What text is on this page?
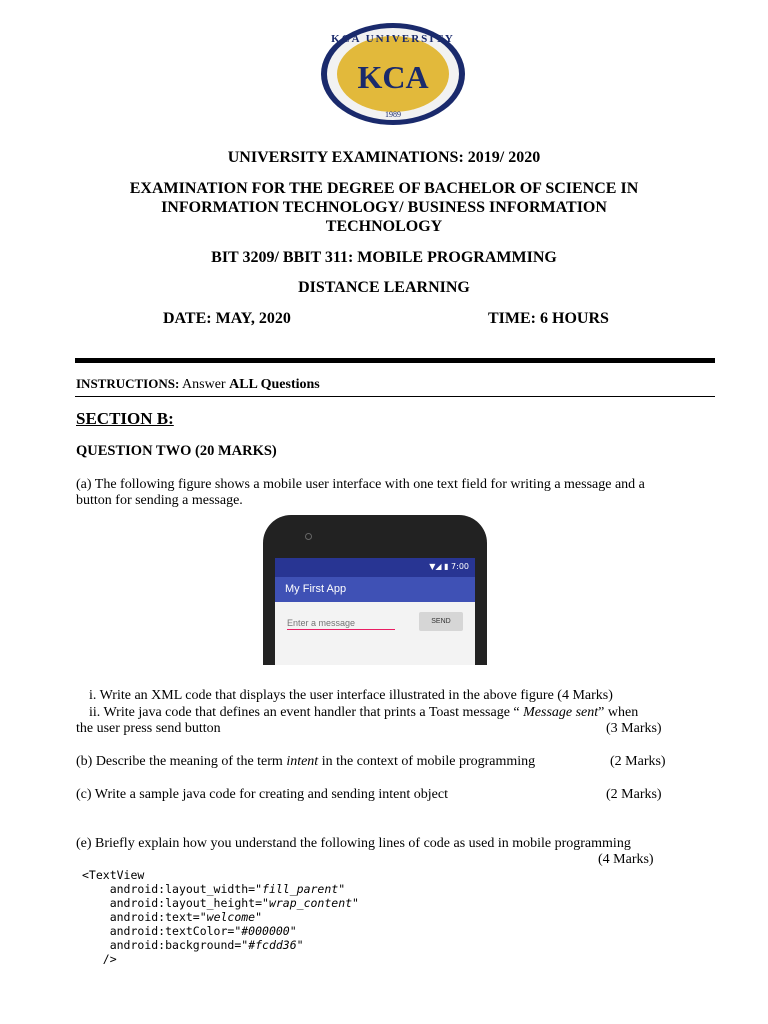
KCA UNIVERSITY
KCA
1989
UNIVERSITY EXAMINATIONS: 2019/ 2020
EXAMINATION FOR THE DEGREE OF BACHELOR OF SCIENCE IN
INFORMATION TECHNOLOGY/ BUSINESS INFORMATION
TECHNOLOGY
BIT 3209/ BBIT 311: MOBILE PROGRAMMING
DISTANCE LEARNING
DATE: MAY, 2020	TIME: 6 HOURS
INSTRUCTIONS: Answer ALL Questions
SECTION B:
QUESTION TWO (20 MARKS)
(a) The following figure shows a mobile user interface with one text field for writing a message and a
button for sending a message.
▼◢ ▮ 7:00
My First App
Enter a message
SEND
i. Write an XML code that displays the user interface illustrated in the above figure (4 Marks)
ii. Write java code that defines an event handler that prints a Toast message “ Message sent” when
the user press send button	(3 Marks)
(b) Describe the meaning of the term intent in the context of mobile programming	(2 Marks)
(c) Write a sample java code for creating and sending intent object	(2 Marks)
(e) Briefly explain how you understand the following lines of code as used in mobile programming
(4 Marks)
<TextView
android:layout_width="fill_parent"
android:layout_height="wrap_content"
android:text="welcome"
android:textColor="#000000"
android:background="#fcdd36"
/>
